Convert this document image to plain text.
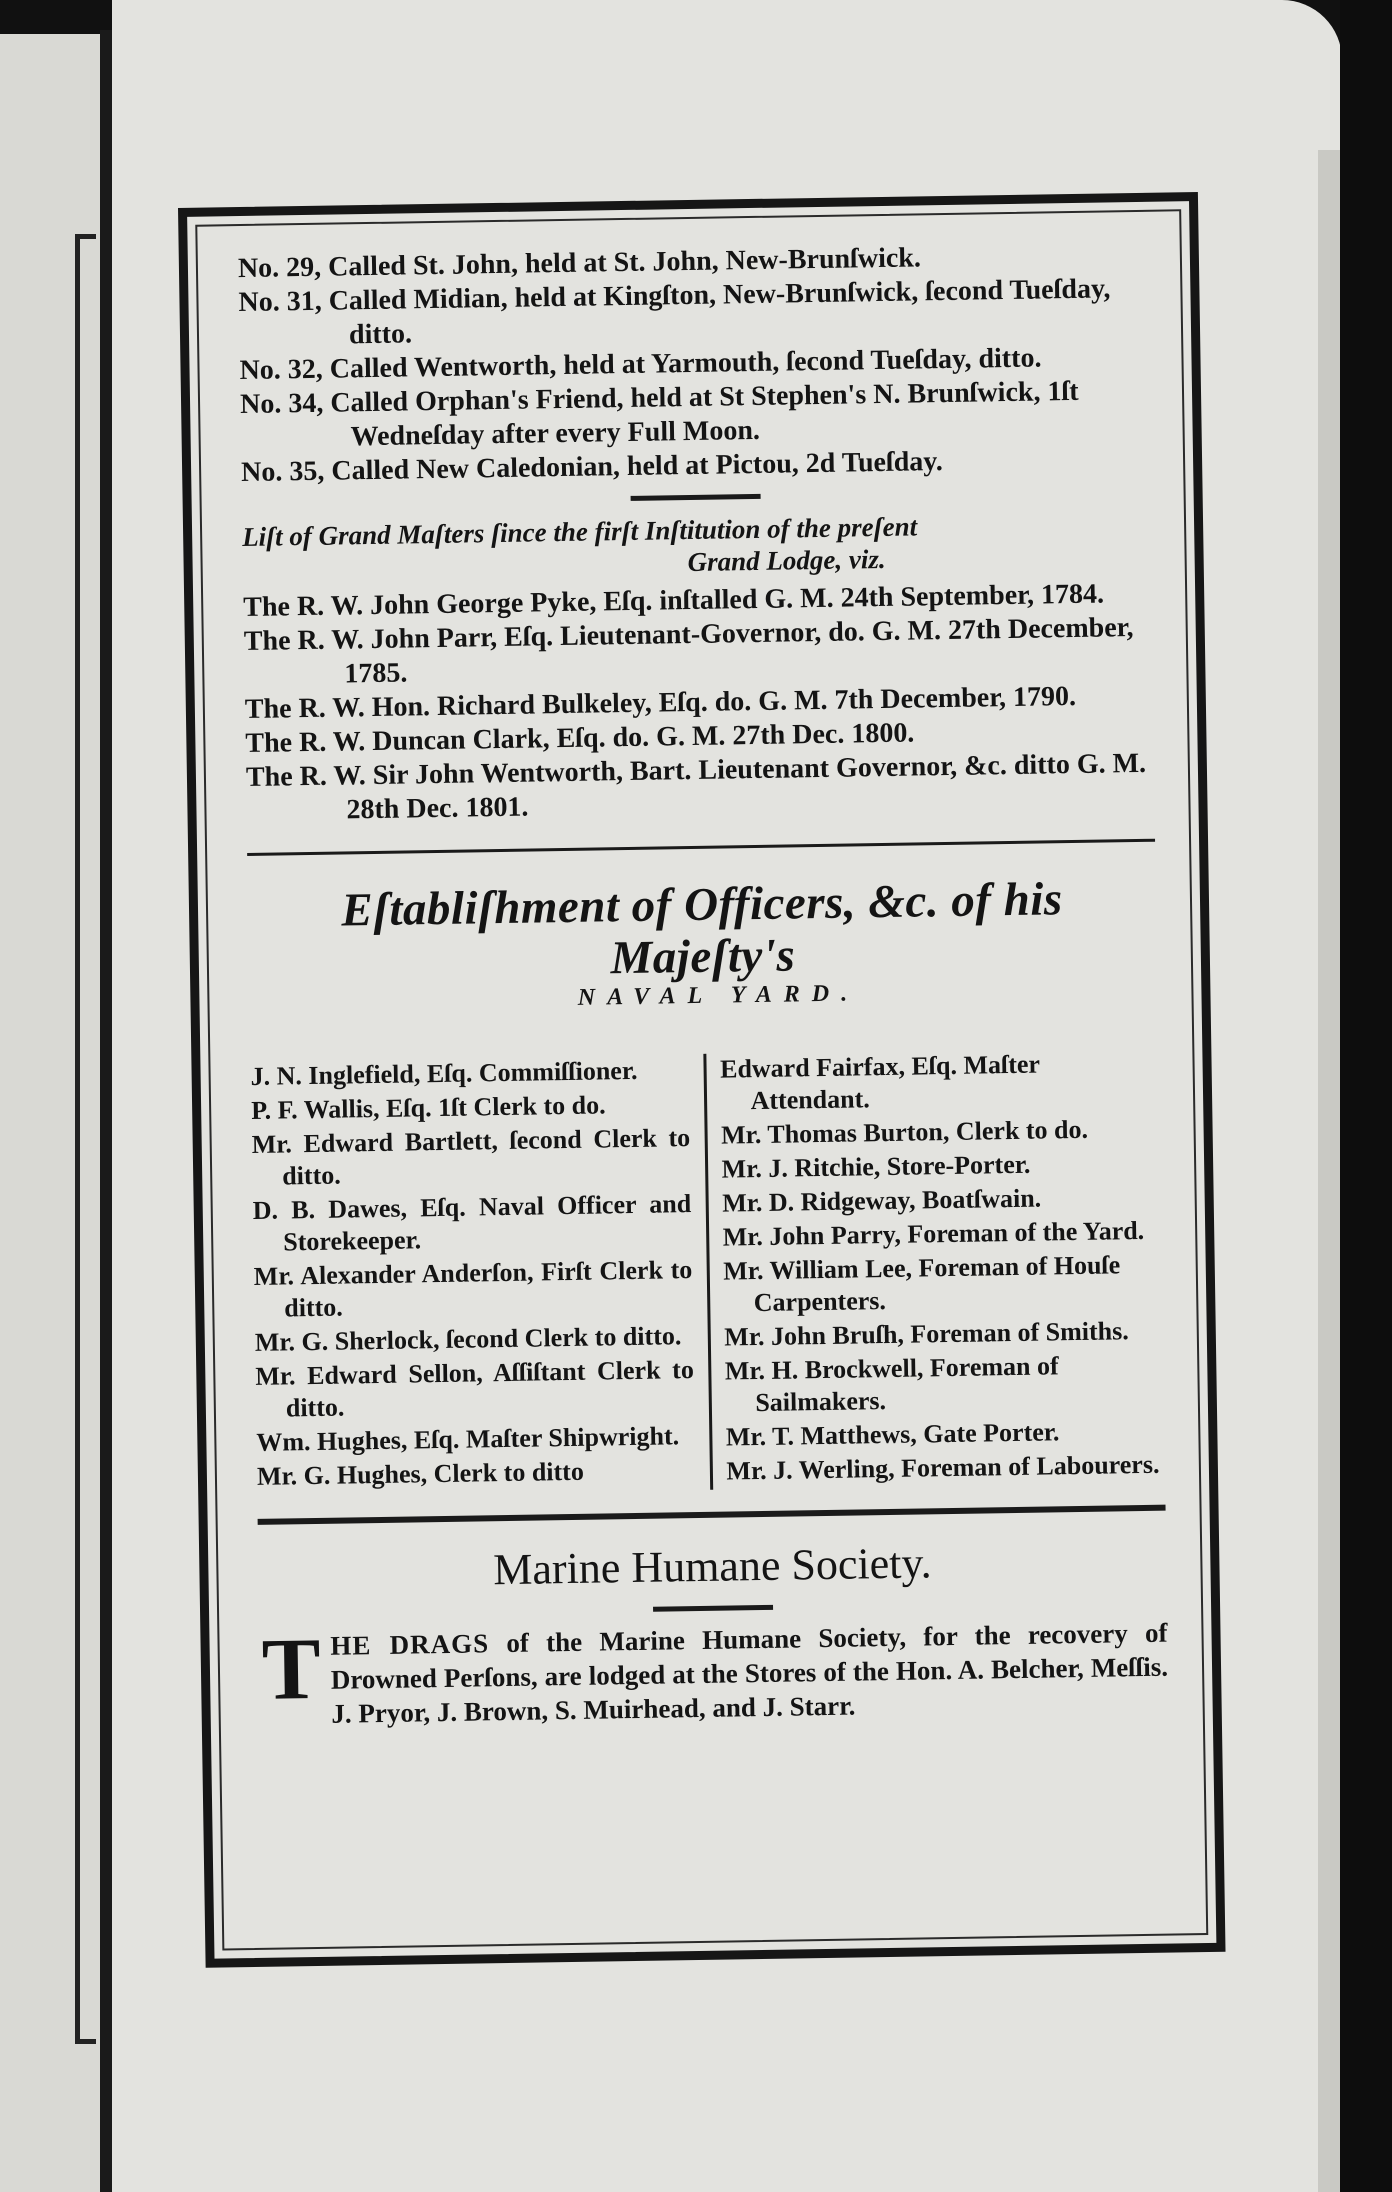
No. 29, Called St. John, held at St. John, New-Brunſwick.

No. 31, Called Midian, held at Kingſton, New-Brunſwick, ſecond Tueſday, ditto.

No. 32, Called Wentworth, held at Yarmouth, ſecond Tueſday, ditto.

No. 34, Called Orphan's Friend, held at St Stephen's N. Brunſwick, 1ſt Wedneſday after every Full Moon.

No. 35, Called New Caledonian, held at Pictou, 2d Tueſday.

Liſt of Grand Maſters ſince the firſt Inſtitution of the preſent
Grand Lodge, viz.

The R. W. John George Pyke, Eſq. inſtalled G. M. 24th September, 1784.

The R. W. John Parr, Eſq. Lieutenant-Governor, do. G. M. 27th December, 1785.

The R. W. Hon. Richard Bulkeley, Eſq. do. G. M. 7th December, 1790.

The R. W. Duncan Clark, Eſq. do. G. M. 27th Dec. 1800.

The R. W. Sir John Wentworth, Bart. Lieutenant Governor, &c. ditto G. M. 28th Dec. 1801.

Eſtabliſhment of Officers, &c. of his Majeſty's
NAVAL YARD.

J. N. Inglefield, Eſq. Commiſſioner.

P. F. Wallis, Eſq. 1ſt Clerk to do.

Mr. Edward Bartlett, ſecond Clerk to ditto.

D. B. Dawes, Eſq. Naval Officer and Storekeeper.

Mr. Alexander Anderſon, Firſt Clerk to ditto.

Mr. G. Sherlock, ſecond Clerk to ditto.

Mr. Edward Sellon, Aſſiſtant Clerk to ditto.

Wm. Hughes, Eſq. Maſter Shipwright.

Mr. G. Hughes, Clerk to ditto

Edward Fairfax, Eſq. Maſter Attendant.

Mr. Thomas Burton, Clerk to do.

Mr. J. Ritchie, Store-Porter.

Mr. D. Ridgeway, Boatſwain.

Mr. John Parry, Foreman of the Yard.

Mr. William Lee, Foreman of Houſe Carpenters.

Mr. John Bruſh, Foreman of Smiths.

Mr. H. Brockwell, Foreman of Sailmakers.

Mr. T. Matthews, Gate Porter.

Mr. J. Werling, Foreman of Labourers.

Marine Humane Society.
THE DRAGS of the Marine Humane Society, for the recovery of Drowned Perſons, are lodged at the Stores of the Hon. A. Belcher, Meſſis. J. Pryor, J. Brown, S. Muirhead, and J. Starr.
